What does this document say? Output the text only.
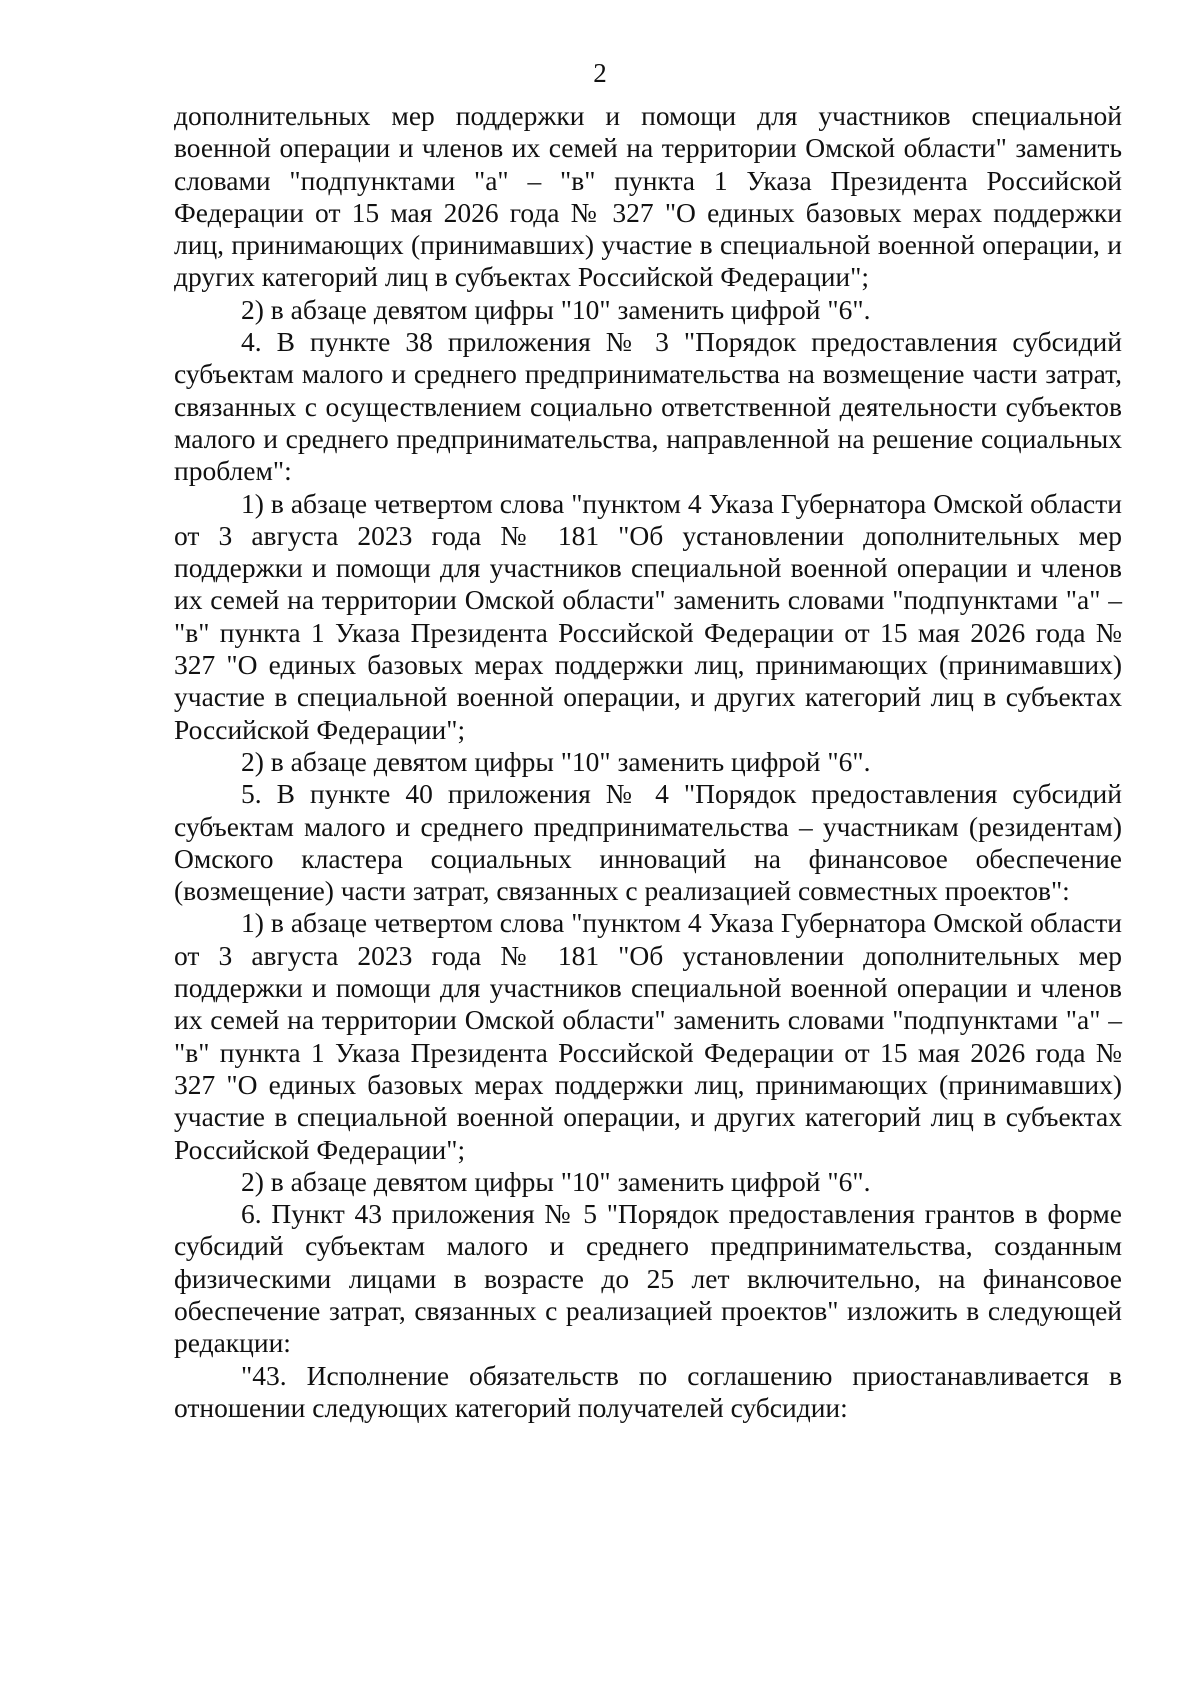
2

дополнительных мер поддержки и помощи для участников специальной военной операции и членов их семей на территории Омской области" заменить словами "подпунктами "а" – "в" пункта 1 Указа Президента Российской Федерации от 15 мая 2026 года № 327 "О единых базовых мерах поддержки лиц, принимающих (принимавших) участие в специальной военной операции, и других категорий лиц в субъектах Российской Федерации";

2) в абзаце девятом цифры "10" заменить цифрой "6".

4. В пункте 38 приложения № 3 "Порядок предоставления субсидий субъектам малого и среднего предпринимательства на возмещение части затрат, связанных с осуществлением социально ответственной деятельности субъектов малого и среднего предпринимательства, направленной на решение социальных проблем":

1) в абзаце четвертом слова "пунктом 4 Указа Губернатора Омской области от 3 августа 2023 года № 181 "Об установлении дополнительных мер поддержки и помощи для участников специальной военной операции и членов их семей на территории Омской области" заменить словами "подпунктами "а" – "в" пункта 1 Указа Президента Российской Федерации от 15 мая 2026 года № 327 "О единых базовых мерах поддержки лиц, принимающих (принимавших) участие в специальной военной операции, и других категорий лиц в субъектах Российской Федерации";

2) в абзаце девятом цифры "10" заменить цифрой "6".

5. В пункте 40 приложения № 4 "Порядок предоставления субсидий субъектам малого и среднего предпринимательства – участникам (резидентам) Омского кластера социальных инноваций на финансовое обеспечение (возмещение) части затрат, связанных с реализацией совместных проектов":

1) в абзаце четвертом слова "пунктом 4 Указа Губернатора Омской области от 3 августа 2023 года № 181 "Об установлении дополнительных мер поддержки и помощи для участников специальной военной операции и членов их семей на территории Омской области" заменить словами "подпунктами "а" – "в" пункта 1 Указа Президента Российской Федерации от 15 мая 2026 года № 327 "О единых базовых мерах поддержки лиц, принимающих (принимавших) участие в специальной военной операции, и других категорий лиц в субъектах Российской Федерации";

2) в абзаце девятом цифры "10" заменить цифрой "6".

6. Пункт 43 приложения № 5 "Порядок предоставления грантов в форме субсидий субъектам малого и среднего предпринимательства, созданным физическими лицами в возрасте до 25 лет включительно, на финансовое обеспечение затрат, связанных с реализацией проектов" изложить в следующей редакции:

"43. Исполнение обязательств по соглашению приостанавливается в отношении следующих категорий получателей субсидии:
